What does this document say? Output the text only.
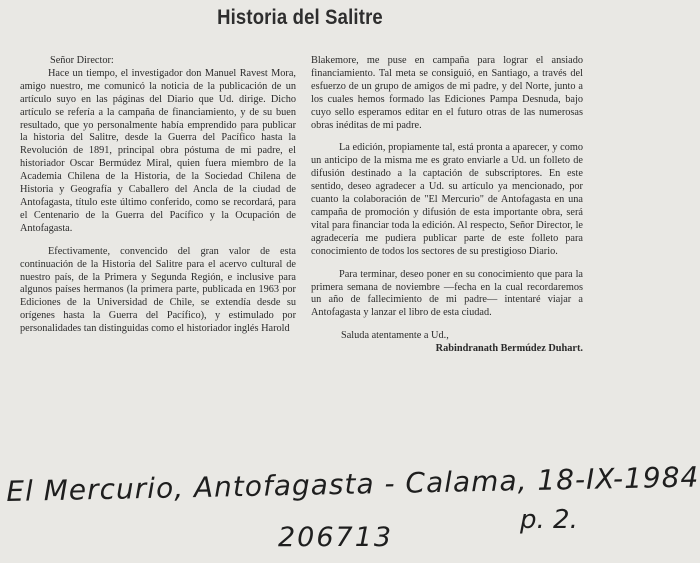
Historia del Salitre

Señor Director:

Hace un tiempo, el investigador don Manuel Ravest Mora, amigo nuestro, me comunicó la noticia de la publicación de un artículo suyo en las páginas del Diario que Ud. dirige. Dicho artículo se refería a la campaña de financiamiento, y de su buen resultado, que yo personalmente había emprendido para publicar la historia del Salitre, desde la Guerra del Pacífico hasta la Revolución de 1891, principal obra póstuma de mi padre, el historiador Oscar Bermúdez Miral, quien fuera miembro de la Academia Chilena de la Historia, de la Sociedad Chilena de Historia y Geografía y Caballero del Ancla de la ciudad de Antofagasta, título este último conferido, como se recordará, para el Centenario de la Guerra del Pacífico y la Ocupación de Antofagasta.

Efectivamente, convencido del gran valor de esta continuación de la Historia del Salitre para el acervo cultural de nuestro país, de la Primera y Segunda Región, e inclusive para algunos países hermanos (la primera parte, publicada en 1963 por Ediciones de la Universidad de Chile, se extendía desde su orígenes hasta la Guerra del Pacífico), y estimulado por personalidades tan distinguidas como el historiador inglés Harold

Blakemore, me puse en campaña para lograr el ansiado financiamiento. Tal meta se consiguió, en Santiago, a través del esfuerzo de un grupo de amigos de mi padre, y del Norte, junto a los cuales hemos formado las Ediciones Pampa Desnuda, bajo cuyo sello esperamos editar en el futuro otras de las numerosas obras inéditas de mi padre.

La edición, propiamente tal, está pronta a aparecer, y como un anticipo de la misma me es grato enviarle a Ud. un folleto de difusión destinado a la captación de subscriptores. En este sentido, deseo agradecer a Ud. su artículo ya mencionado, por cuanto la colaboración de "El Mercurio" de Antofagasta en una campaña de promoción y difusión de esta importante obra, será vital para financiar toda la edición. Al respecto, Señor Director, le agradecería me pudiera publicar parte de este folleto para conocimiento de todos los sectores de su prestigioso Diario.

Para terminar, deseo poner en su conocimiento que para la primera semana de noviembre —fecha en la cual recordaremos un año de fallecimiento de mi padre— intentaré viajar a Antofagasta y lanzar el libro de esta ciudad.

Saluda atentamente a Ud.,

Rabindranath Bermúdez Duhart.

El Mercurio, Antofagasta - Calama, 18-IX-1984
p. 2.
206713
